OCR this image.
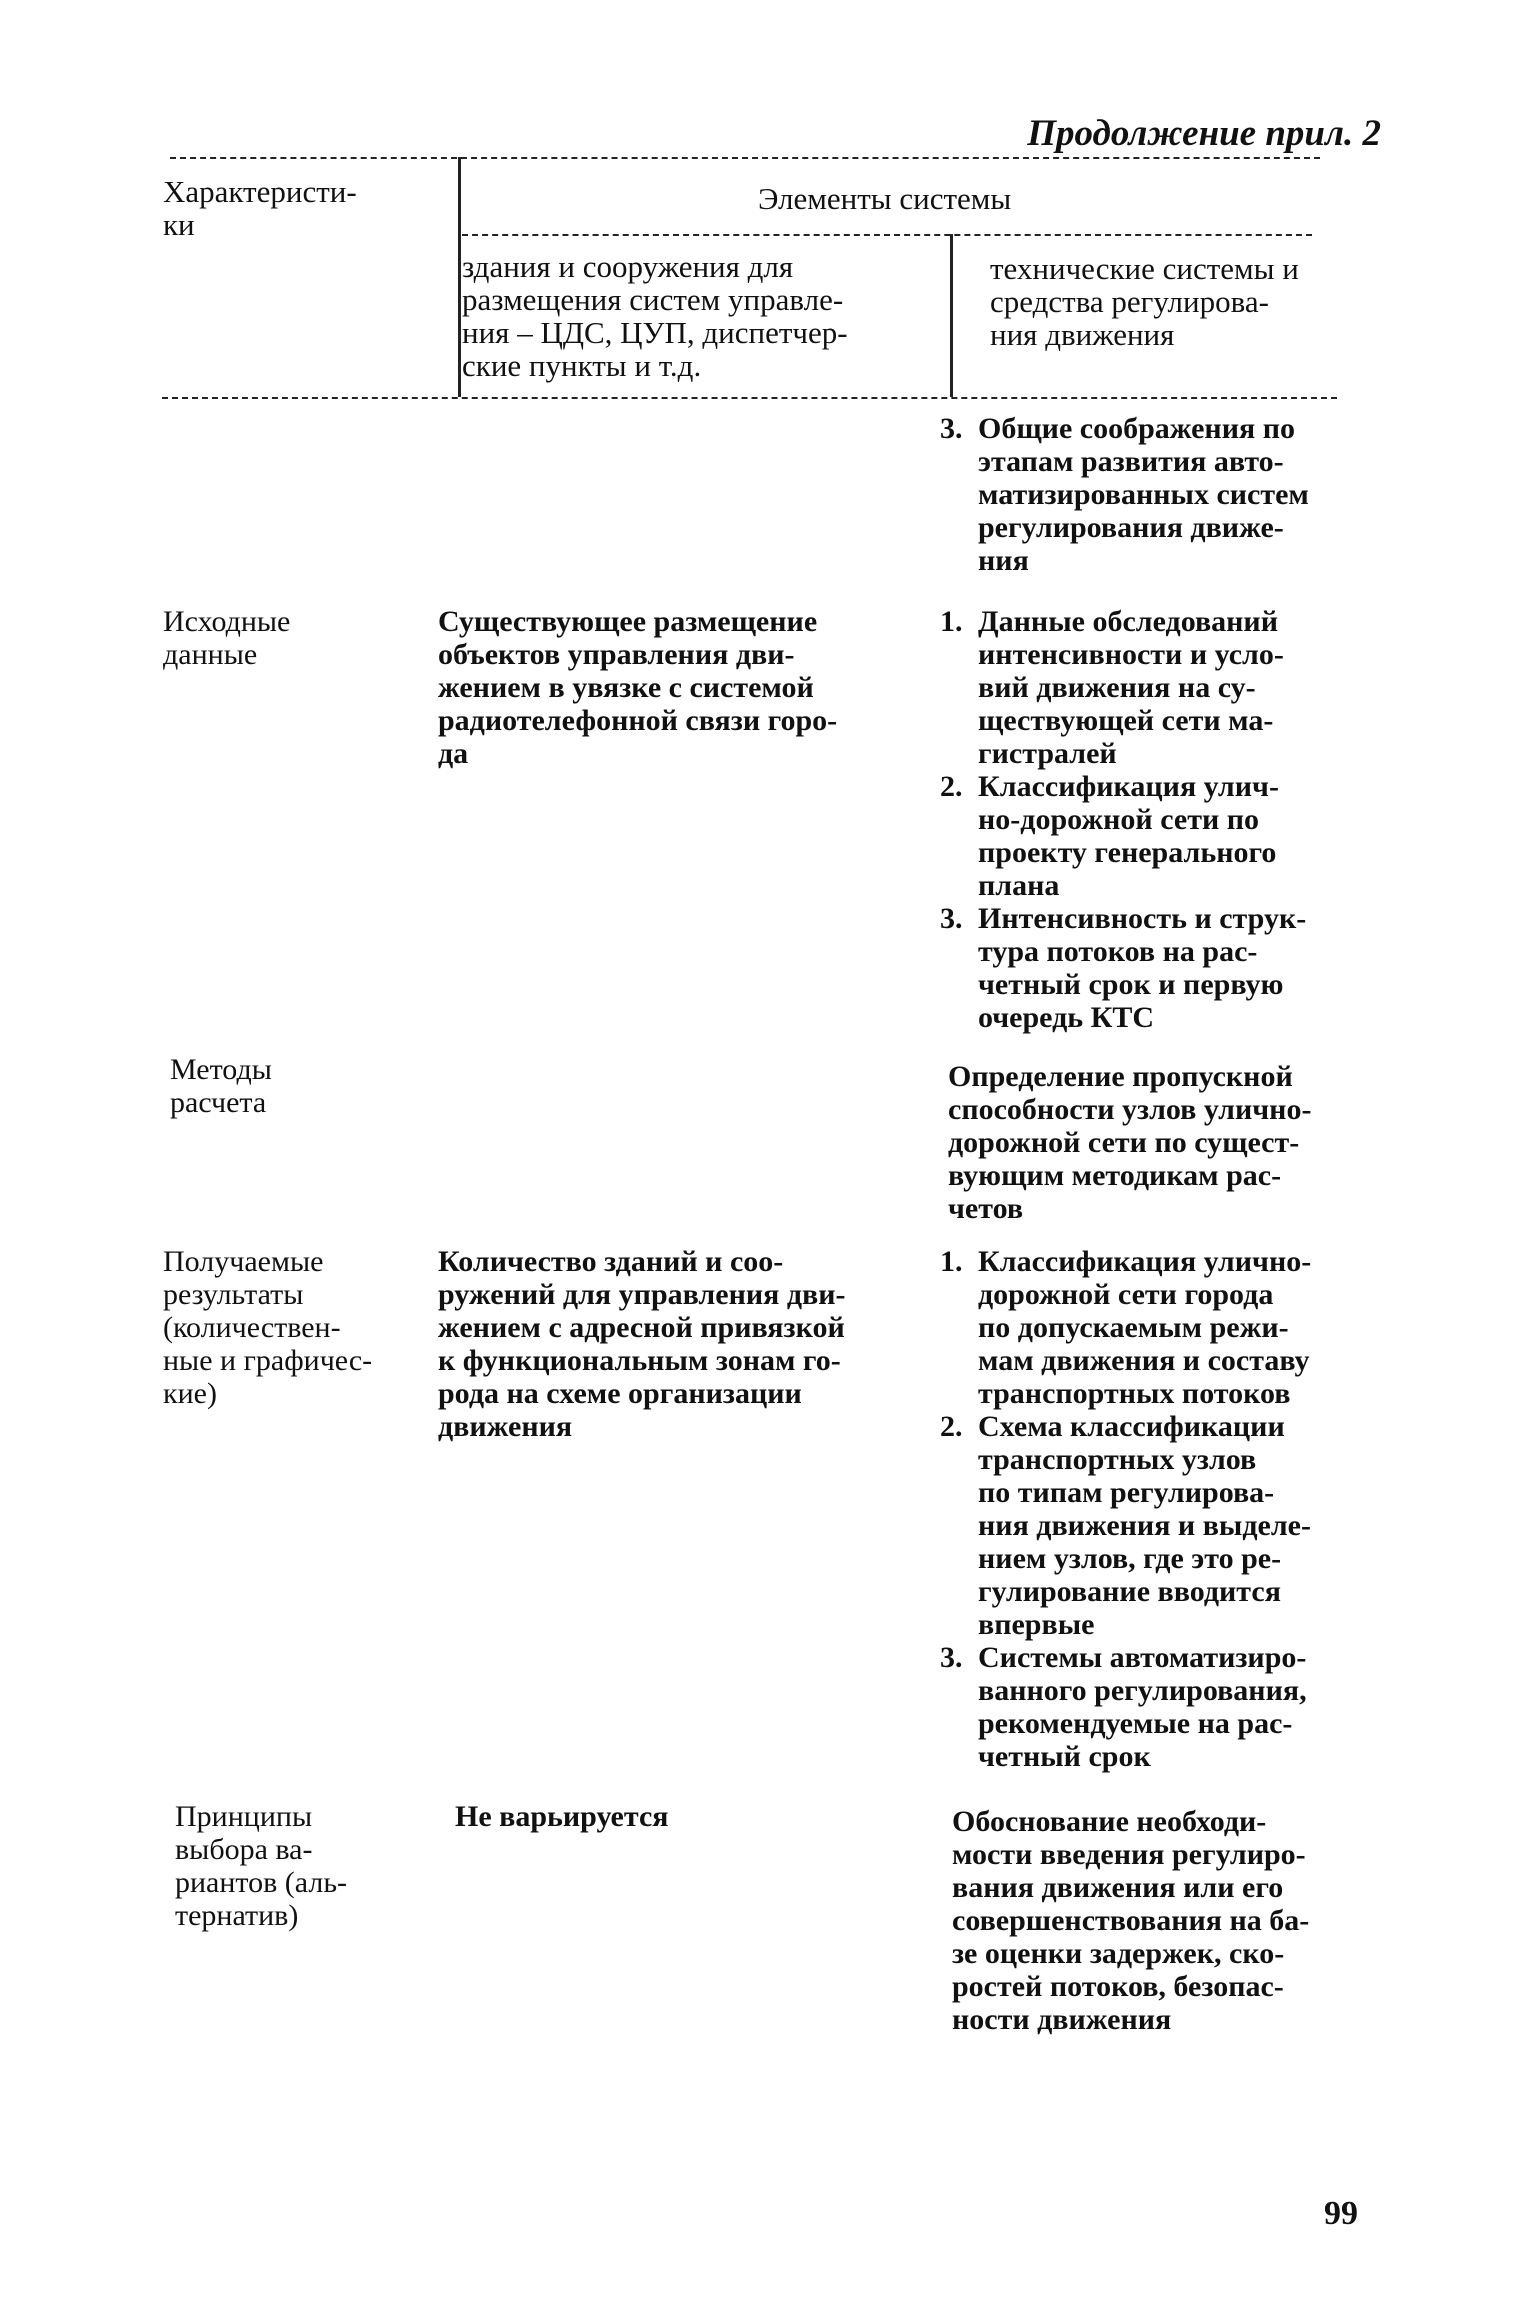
Продолжение прил. 2
Характеристи-
ки
Элементы системы
здания и сооружения для
размещения систем управле-
ния – ЦДС, ЦУП, диспетчер-
ские пункты и т.д.
технические системы и
средства регулирова-
ния движения
3. Общие соображения по
этапам развития авто-
матизированных систем
регулирования движе-
ния
Исходные
данные
Существующее размещение
объектов управления дви-
жением в увязке с системой
радиотелефонной связи горо-
да
1. Данные обследований
интенсивности и усло-
вий движения на су-
ществующей сети ма-
гистралей
2. Классификация улич-
но-дорожной сети по
проекту генерального
плана
3. Интенсивность и струк-
тура потоков на рас-
четный срок и первую
очередь КТС
Методы
расчета
Определение пропускной
способности узлов улично-
дорожной сети по сущест-
вующим методикам рас-
четов
Получаемые
результаты
(количествен-
ные и графичес-
кие)
Количество зданий и соо-
ружений для управления дви-
жением с адресной привязкой
к функциональным зонам го-
рода на схеме организации
движения
1. Классификация улично-
дорожной сети города
по допускаемым режи-
мам движения и составу
транспортных потоков
2. Схема классификации
транспортных узлов
по типам регулирова-
ния движения и выделе-
нием узлов, где это ре-
гулирование вводится
впервые
3. Системы автоматизиро-
ванного регулирования,
рекомендуемые на рас-
четный срок
Принципы
выбора ва-
риантов (аль-
тернатив)
Не варьируется	Обоснование необходи-
мости введения регулиро-
вания движения или его
совершенствования на ба-
зе оценки задержек, ско-
ростей потоков, безопас-
ности движения
99
